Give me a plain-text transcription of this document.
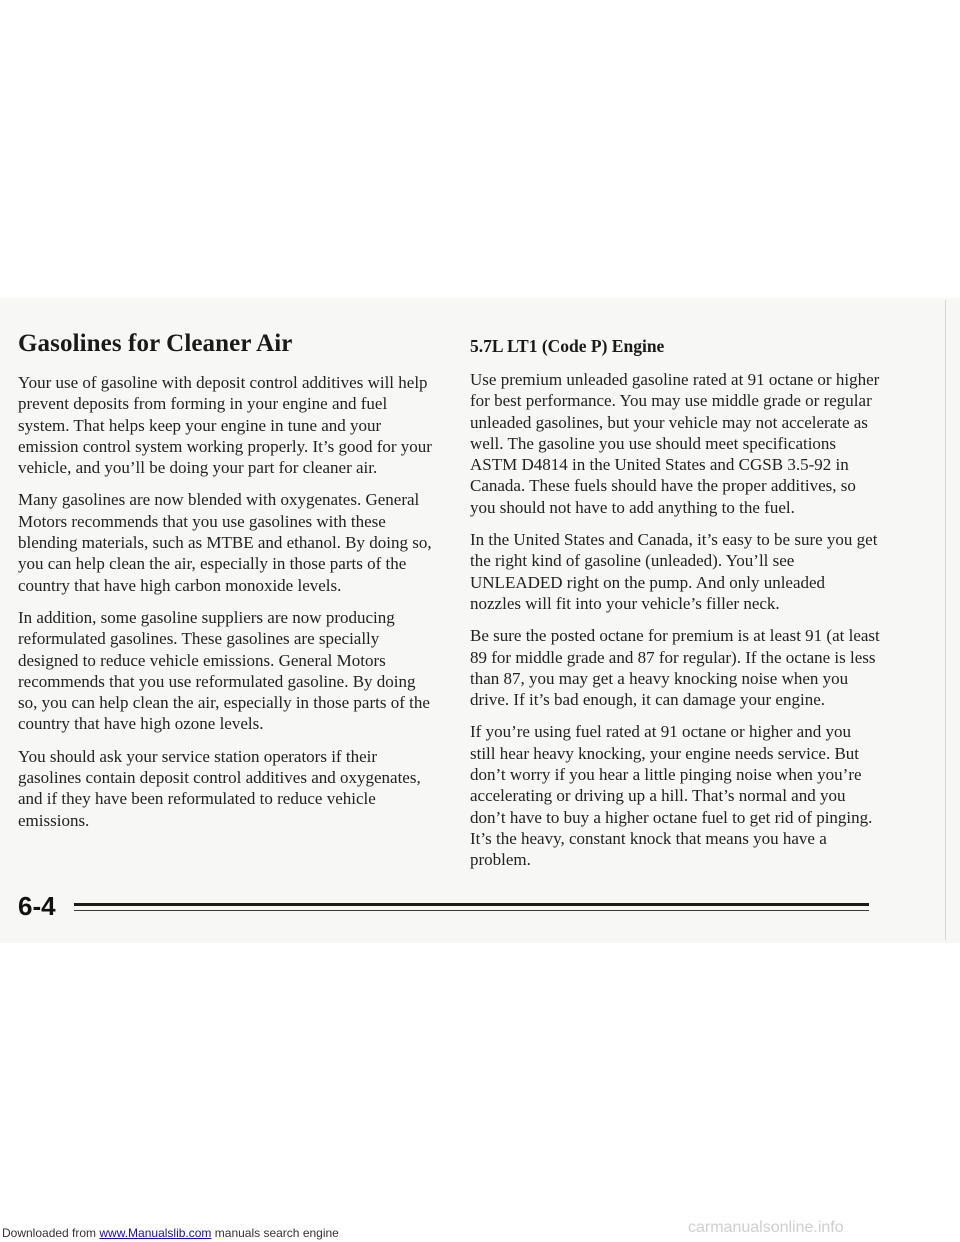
Gasolines for Cleaner Air

Your use of gasoline with deposit control additives will help prevent deposits from forming in your engine and fuel system. That helps keep your engine in tune and your emission control system working properly. It’s good for your vehicle, and you’ll be doing your part for cleaner air.

Many gasolines are now blended with oxygenates. General Motors recommends that you use gasolines with these blending materials, such as MTBE and ethanol. By doing so, you can help clean the air, especially in those parts of the country that have high carbon monoxide levels.

In addition, some gasoline suppliers are now producing reformulated gasolines. These gasolines are specially designed to reduce vehicle emissions. General Motors recommends that you use reformulated gasoline. By doing so, you can help clean the air, especially in those parts of the country that have high ozone levels.

You should ask your service station operators if their gasolines contain deposit control additives and oxygenates, and if they have been reformulated to reduce vehicle emissions.

5.7L LT1 (Code P) Engine

Use premium unleaded gasoline rated at 91 octane or higher for best performance. You may use middle grade or regular unleaded gasolines, but your vehicle may not accelerate as well. The gasoline you use should meet specifications ASTM D4814 in the United States and CGSB 3.5-92 in Canada. These fuels should have the proper additives, so you should not have to add anything to the fuel.

In the United States and Canada, it’s easy to be sure you get the right kind of gasoline (unleaded). You’ll see UNLEADED right on the pump. And only unleaded nozzles will fit into your vehicle’s filler neck.

Be sure the posted octane for premium is at least 91 (at least 89 for middle grade and 87 for regular). If the octane is less than 87, you may get a heavy knocking noise when you drive. If it’s bad enough, it can damage your engine.

If you’re using fuel rated at 91 octane or higher and you still hear heavy knocking, your engine needs service. But don’t worry if you hear a little pinging noise when you’re accelerating or driving up a hill. That’s normal and you don’t have to buy a higher octane fuel to get rid of pinging. It’s the heavy, constant knock that means you have a problem.

6-4
Downloaded from www.Manualslib.com manuals search engine	carmanualsonline.info
